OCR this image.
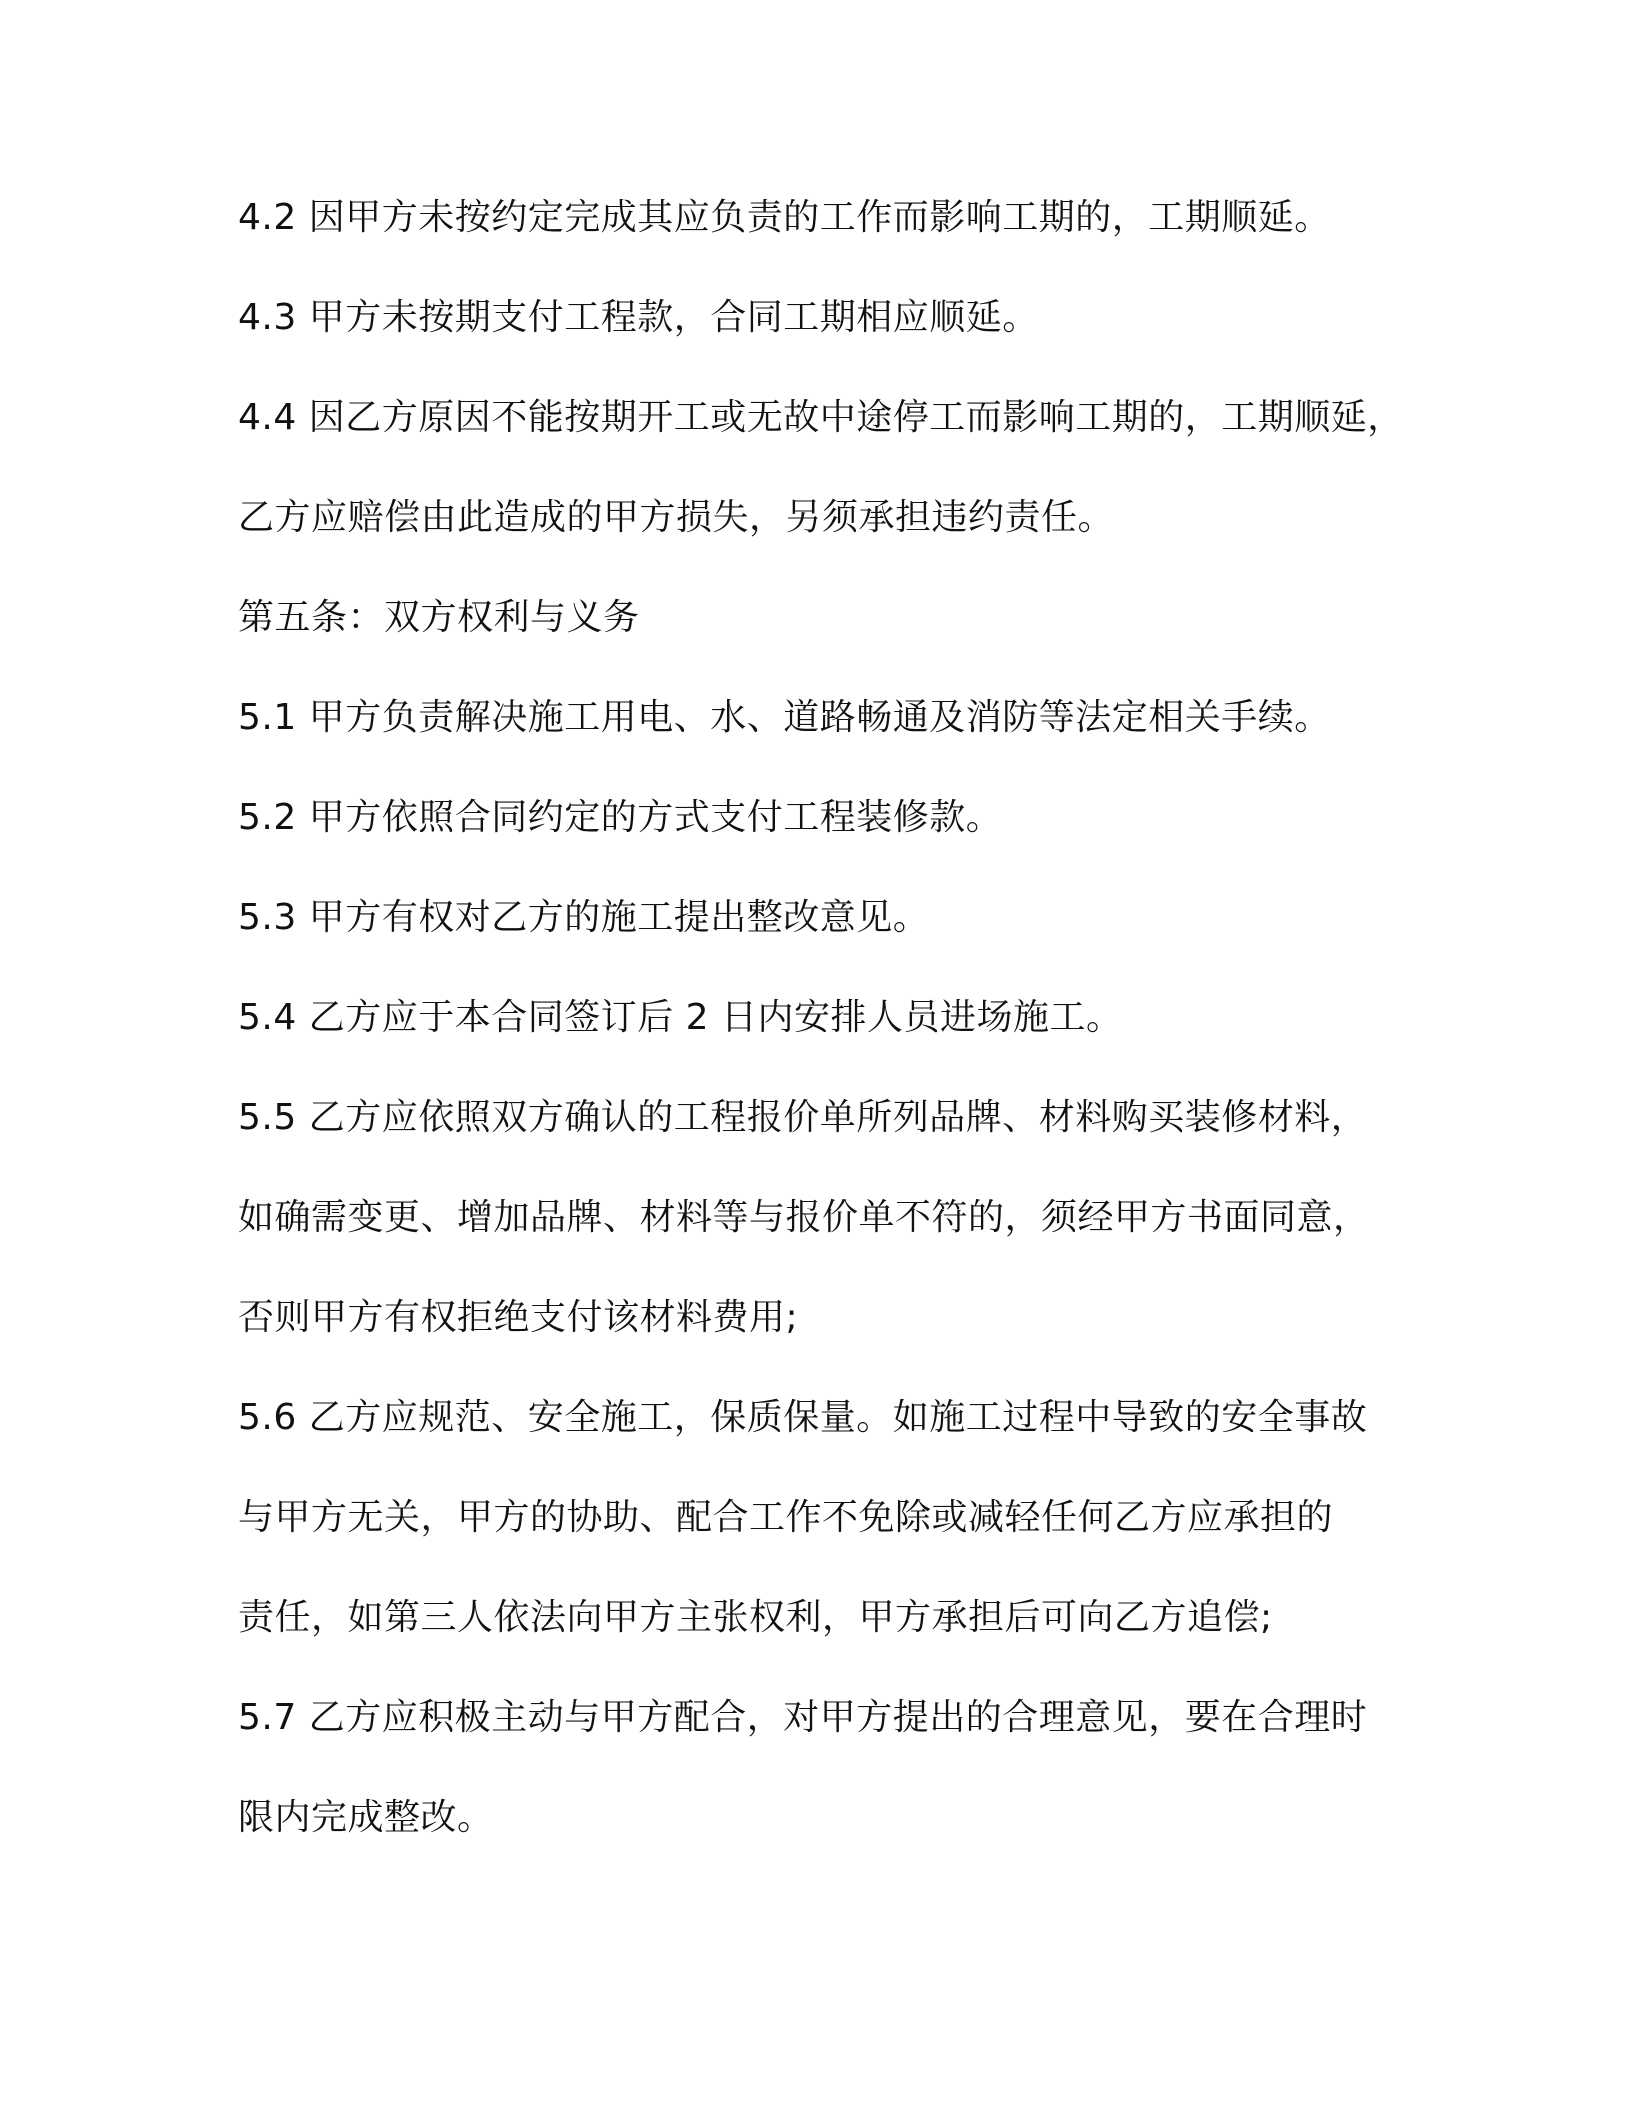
4.2 因甲方未按约定完成其应负责的工作而影响工期的，工期顺延。
4.3 甲方未按期支付工程款，合同工期相应顺延。
4.4 因乙方原因不能按期开工或无故中途停工而影响工期的，工期顺延，
乙方应赔偿由此造成的甲方损失，另须承担违约责任。
第五条：双方权利与义务
5.1 甲方负责解决施工用电、水、道路畅通及消防等法定相关手续。
5.2 甲方依照合同约定的方式支付工程装修款。
5.3 甲方有权对乙方的施工提出整改意见。
5.4 乙方应于本合同签订后 2 日内安排人员进场施工。
5.5 乙方应依照双方确认的工程报价单所列品牌、材料购买装修材料，
如确需变更、增加品牌、材料等与报价单不符的，须经甲方书面同意，
否则甲方有权拒绝支付该材料费用;
5.6 乙方应规范、安全施工，保质保量。如施工过程中导致的安全事故
与甲方无关，甲方的协助、配合工作不免除或减轻任何乙方应承担的
责任，如第三人依法向甲方主张权利，甲方承担后可向乙方追偿;
5.7 乙方应积极主动与甲方配合，对甲方提出的合理意见，要在合理时
限内完成整改。
